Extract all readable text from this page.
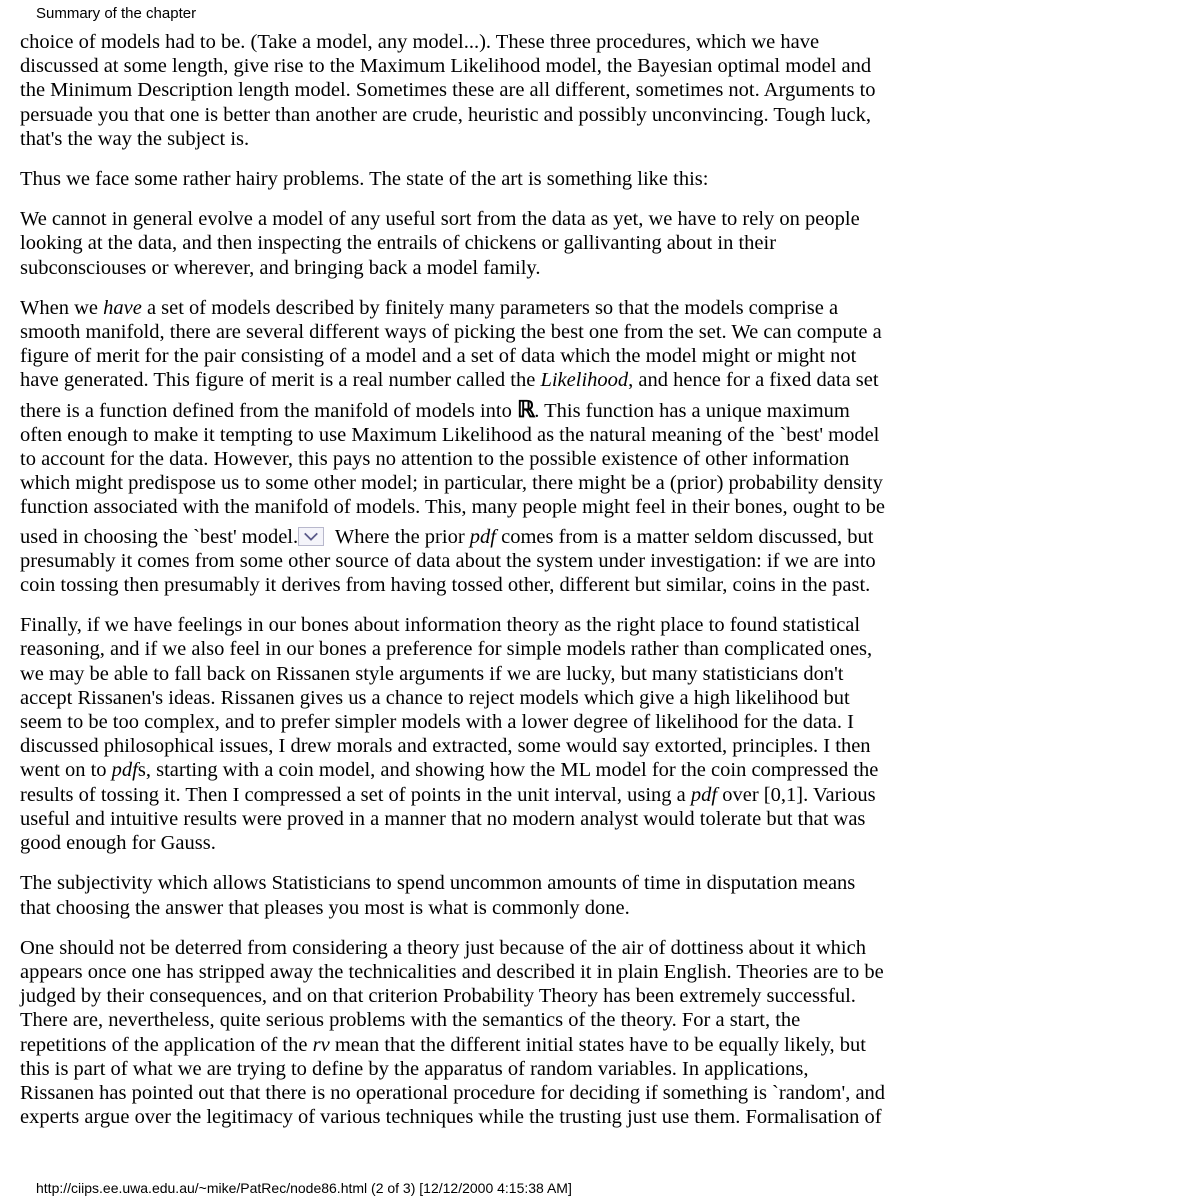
Summary of the chapter

choice of models had to be. (Take a model, any model...). These three procedures, which we have
discussed at some length, give rise to the Maximum Likelihood model, the Bayesian optimal model and
the Minimum Description length model. Sometimes these are all different, sometimes not. Arguments to
persuade you that one is better than another are crude, heuristic and possibly unconvincing. Tough luck,
that's the way the subject is.

Thus we face some rather hairy problems. The state of the art is something like this:

We cannot in general evolve a model of any useful sort from the data as yet, we have to rely on people
looking at the data, and then inspecting the entrails of chickens or gallivanting about in their
subconsciouses or wherever, and bringing back a model family.

When we have a set of models described by finitely many parameters so that the models comprise a
smooth manifold, there are several different ways of picking the best one from the set. We can compute a
figure of merit for the pair consisting of a model and a set of data which the model might or might not
have generated. This figure of merit is a real number called the Likelihood, and hence for a fixed data set
there is a function defined from the manifold of models into ℝ. This function has a unique maximum
often enough to make it tempting to use Maximum Likelihood as the natural meaning of the `best' model
to account for the data. However, this pays no attention to the possible existence of other information
which might predispose us to some other model; in particular, there might be a (prior) probability density
function associated with the manifold of models. This, many people might feel in their bones, ought to be
used in choosing the `best' model.
Where the prior pdf comes from is a matter seldom discussed, but
presumably it comes from some other source of data about the system under investigation: if we are into
coin tossing then presumably it derives from having tossed other, different but similar, coins in the past.

Finally, if we have feelings in our bones about information theory as the right place to found statistical
reasoning, and if we also feel in our bones a preference for simple models rather than complicated ones,
we may be able to fall back on Rissanen style arguments if we are lucky, but many statisticians don't
accept Rissanen's ideas. Rissanen gives us a chance to reject models which give a high likelihood but
seem to be too complex, and to prefer simpler models with a lower degree of likelihood for the data. I
discussed philosophical issues, I drew morals and extracted, some would say extorted, principles. I then
went on to pdfs, starting with a coin model, and showing how the ML model for the coin compressed the
results of tossing it. Then I compressed a set of points in the unit interval, using a pdf over [0,1]. Various
useful and intuitive results were proved in a manner that no modern analyst would tolerate but that was
good enough for Gauss.

The subjectivity which allows Statisticians to spend uncommon amounts of time in disputation means
that choosing the answer that pleases you most is what is commonly done.

One should not be deterred from considering a theory just because of the air of dottiness about it which
appears once one has stripped away the technicalities and described it in plain English. Theories are to be
judged by their consequences, and on that criterion Probability Theory has been extremely successful.
There are, nevertheless, quite serious problems with the semantics of the theory. For a start, the
repetitions of the application of the rv mean that the different initial states have to be equally likely, but
this is part of what we are trying to define by the apparatus of random variables. In applications,
Rissanen has pointed out that there is no operational procedure for deciding if something is `random', and
experts argue over the legitimacy of various techniques while the trusting just use them. Formalisation of

http://ciips.ee.uwa.edu.au/~mike/PatRec/node86.html (2 of 3) [12/12/2000 4:15:38 AM]
